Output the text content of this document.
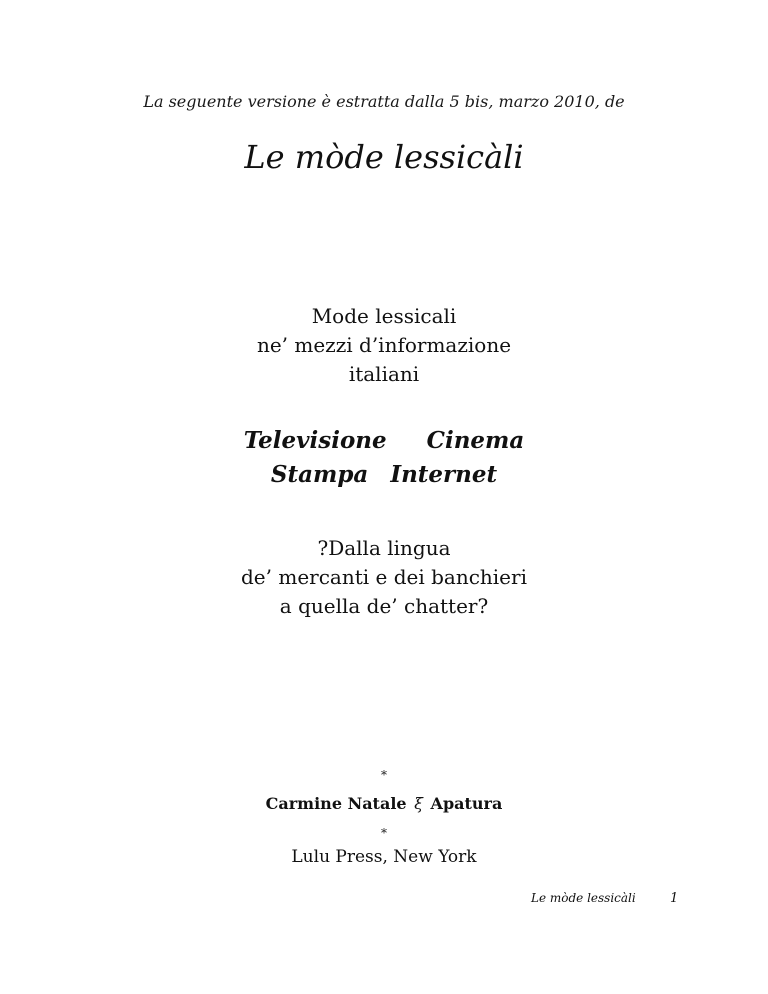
La seguente versione è estratta dalla 5 bis, marzo 2010, de
Le mòde lessicàli
Mode lessicali
ne’ mezzi d’informazione
italiani
Televisione Cinema
Stampa Internet
?Dalla lingua
de’ mercanti e dei banchieri
a quella de’ chatter?
*
Carmine Natale ξ Apatura
*
Lulu Press, New York
Le mòde lessicàli	1
